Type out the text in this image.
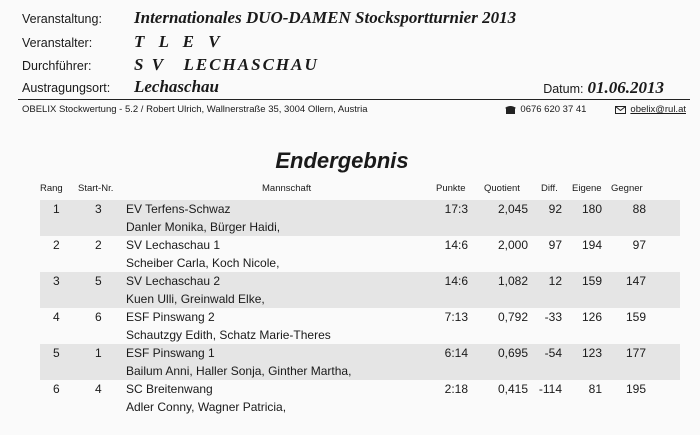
Veranstaltung:	Internationales DUO-DAMEN Stocksportturnier 2013
Veranstalter:	T L E V
Durchführer:	S V   LECHASCHAU
Austragungsort:	Lechaschau	Datum: 01.06.2013
OBELIX Stockwertung - 5.2 / Robert Ulrich, Wallnerstraße 35, 3004 Ollern, Austria	0676 620 37 41	obelix@rul.at
Endergebnis
Rang Start-Nr.	Mannschaft	Punkte Quotient Diff. Eigene Gegner
1	3 EV Terfens-Schwaz	17:3	2,045	92	180	88
Danler Monika, Bürger Haidi,
2	2 SV Lechaschau 1	14:6	2,000	97	194	97
Scheiber Carla, Koch Nicole,
3	5 SV Lechaschau 2	14:6	1,082	12	159	147
Kuen Ulli, Greinwald Elke,
4	6 ESF Pinswang 2	7:13	0,792	-33	126	159
Schautzgy Edith, Schatz Marie-Theres
5	1 ESF Pinswang 1	6:14	0,695	-54	123	177
Bailum Anni, Haller Sonja, Ginther Martha,
6	4 SC Breitenwang	2:18	0,415 -114	81	195
Adler Conny, Wagner Patricia,
